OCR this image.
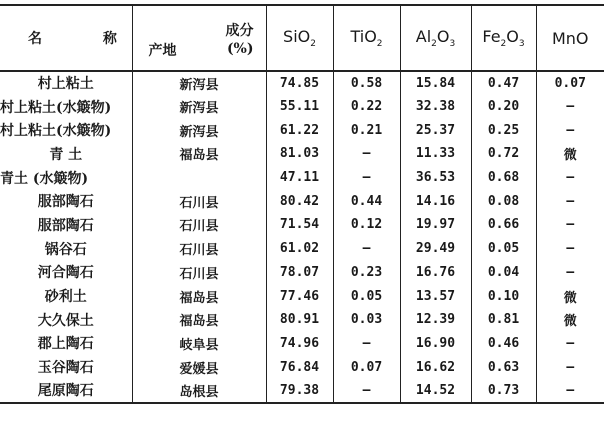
名 称	成分
(%)
产地	SiO$_2$	TiO$_2$	$Al_2O_3$	$Fe_2O_3$	MnO
村上粘土	新泻县	74.85	0.58	15.84	0.47	0.07
村上粘土(水簸物)	新泻县	55.11	0.22	32.38	0.20	—
村上粘土(水簸物)	新泻县	61.22	0.21	25.37	0.25	—
青 土	福岛县	81.03	—	11.33	0.72	微
青土 (水簸物)		47.11	—	36.53	0.68	—
服部陶石	石川县	80.42	0.44	14.16	0.08	—
服部陶石	石川县	71.54	0.12	19.97	0.66	—
锅谷石	石川县	61.02	—	29.49	0.05	—
河合陶石	石川县	78.07	0.23	16.76	0.04	—
砂利土	福岛县	77.46	0.05	13.57	0.10	微
大久保土	福岛县	80.91	0.03	12.39	0.81	微
郡上陶石	岐阜县	74.96	—	16.90	0.46	—
玉谷陶石	爱媛县	76.84	0.07	16.62	0.63	—
尾原陶石	岛根县	79.38	—	14.52	0.73	—
